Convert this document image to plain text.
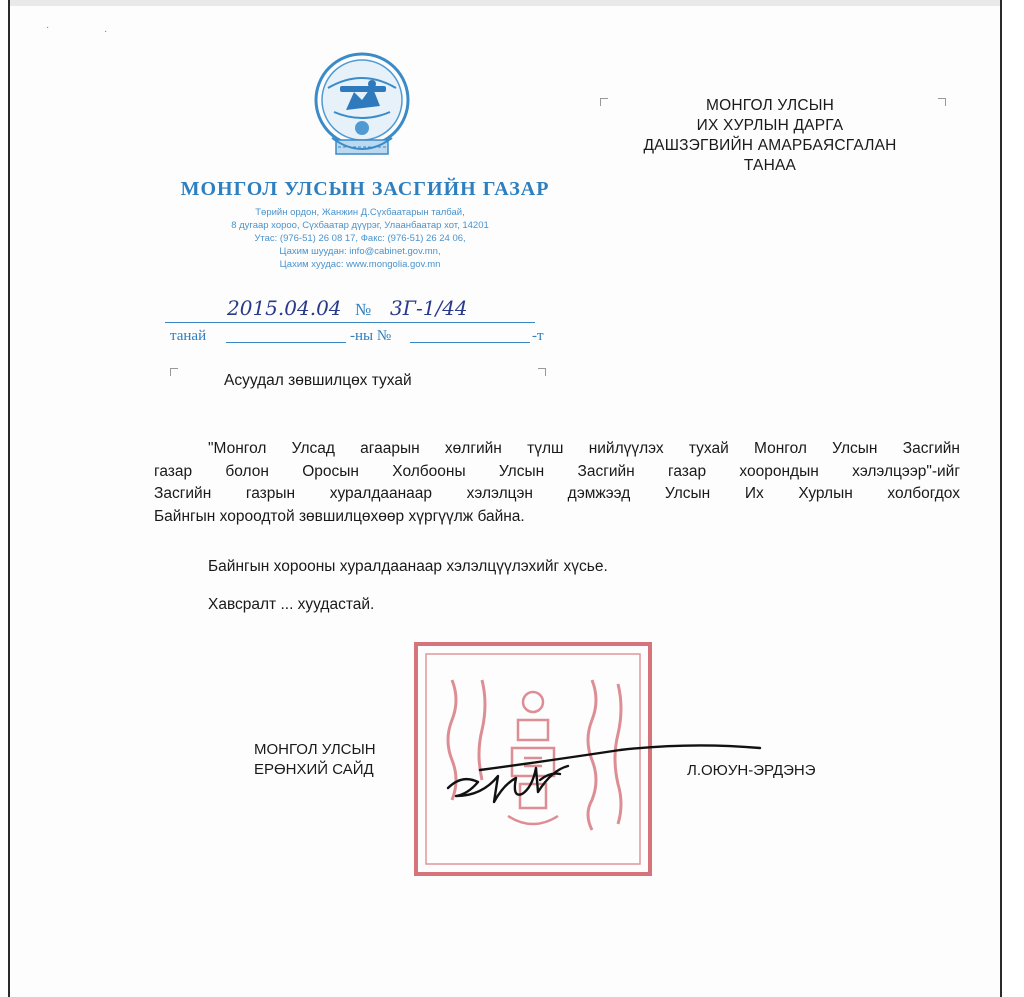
·	·
МОНГОЛ УЛСЫН ЗАСГИЙН ГАЗАР
Төрийн ордон, Жанжин Д.Сүхбаатарын талбай,
8 дугаар хороо, Сүхбаатар дүүрэг, Улаанбаатар хот, 14201
Утас: (976-51) 26 08 17, Факс: (976-51) 26 24 06,
Цахим шуудан: info@cabinet.gov.mn,
Цахим хуудас: www.mongolia.gov.mn
2015.04.04 № 3Г-1/44
танай	-ны №	-т
МОНГОЛ УЛСЫН
ИХ ХУРЛЫН ДАРГА
ДАШЗЭГВИЙН АМАРБАЯСГАЛАН
ТАНАА
Асуудал зөвшилцөх тухай
"Монгол Улсад агаарын хөлгийн түлш нийлүүлэх тухай Монгол Улсын Засгийн
газар болон Оросын Холбооны Улсын Засгийн газар хоорондын хэлэлцээр"-ийг
Засгийн газрын хуралдаанаар хэлэлцэн дэмжээд Улсын Их Хурлын холбогдох
Байнгын хороодтой зөвшилцөхөөр хүргүүлж байна.
Байнгын хорооны хуралдаанаар хэлэлцүүлэхийг хүсье.
Хавсралт ... хуудастай.
МОНГОЛ УЛСЫН
ЕРӨНХИЙ САЙД	Л.ОЮУН-ЭРДЭНЭ
